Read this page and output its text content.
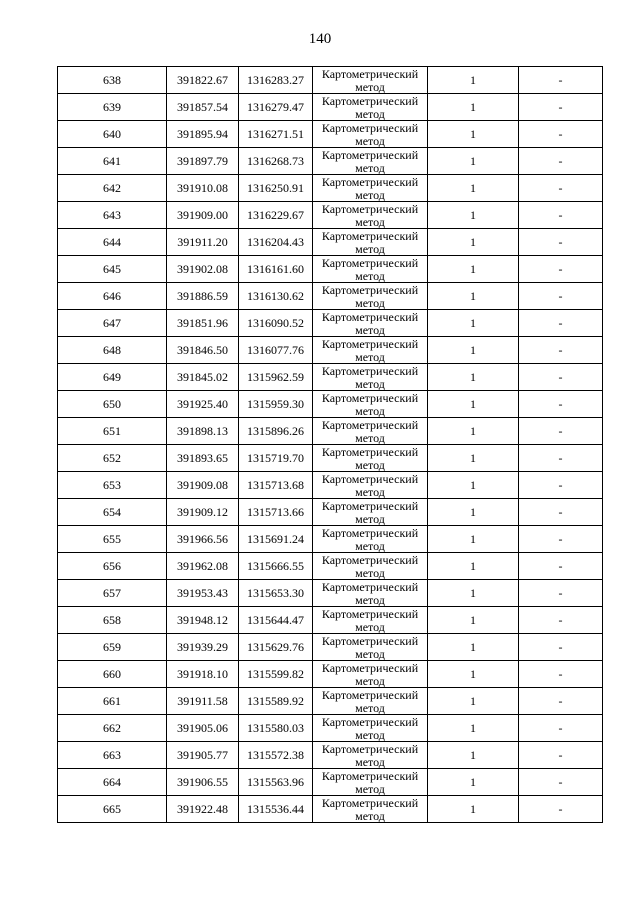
140
638	391822.67	1316283.27	Картометрический метод	1	-
639	391857.54	1316279.47	Картометрический метод	1	-
640	391895.94	1316271.51	Картометрический метод	1	-
641	391897.79	1316268.73	Картометрический метод	1	-
642	391910.08	1316250.91	Картометрический метод	1	-
643	391909.00	1316229.67	Картометрический метод	1	-
644	391911.20	1316204.43	Картометрический метод	1	-
645	391902.08	1316161.60	Картометрический метод	1	-
646	391886.59	1316130.62	Картометрический метод	1	-
647	391851.96	1316090.52	Картометрический метод	1	-
648	391846.50	1316077.76	Картометрический метод	1	-
649	391845.02	1315962.59	Картометрический метод	1	-
650	391925.40	1315959.30	Картометрический метод	1	-
651	391898.13	1315896.26	Картометрический метод	1	-
652	391893.65	1315719.70	Картометрический метод	1	-
653	391909.08	1315713.68	Картометрический метод	1	-
654	391909.12	1315713.66	Картометрический метод	1	-
655	391966.56	1315691.24	Картометрический метод	1	-
656	391962.08	1315666.55	Картометрический метод	1	-
657	391953.43	1315653.30	Картометрический метод	1	-
658	391948.12	1315644.47	Картометрический метод	1	-
659	391939.29	1315629.76	Картометрический метод	1	-
660	391918.10	1315599.82	Картометрический метод	1	-
661	391911.58	1315589.92	Картометрический метод	1	-
662	391905.06	1315580.03	Картометрический метод	1	-
663	391905.77	1315572.38	Картометрический метод	1	-
664	391906.55	1315563.96	Картометрический метод	1	-
665	391922.48	1315536.44	Картометрический метод	1	-
